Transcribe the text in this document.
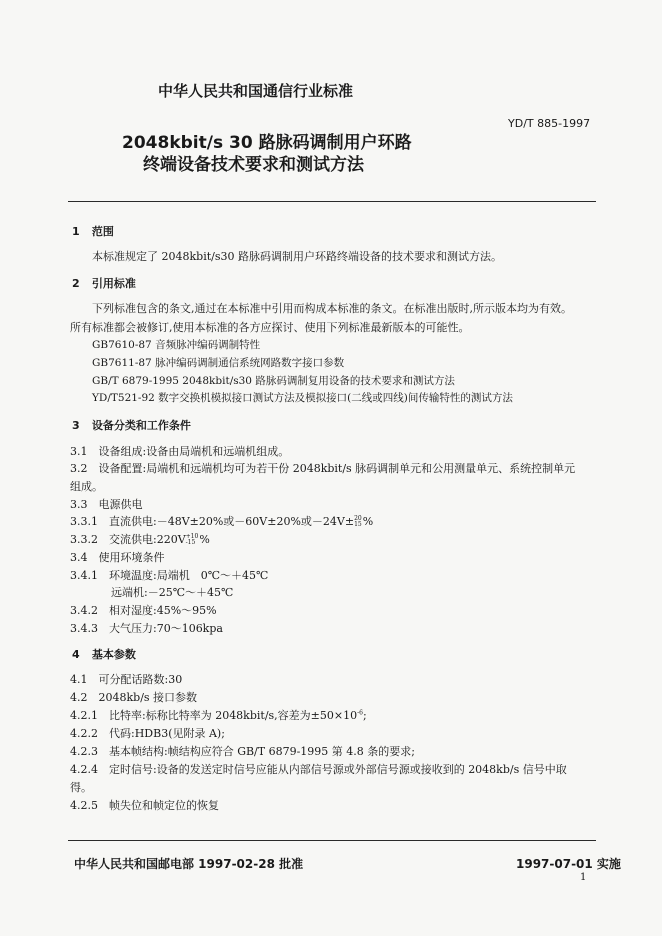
中华人民共和国通信行业标准
YD/T 885-1997
2048kbit/s 30 路脉码调制用户环路
终端设备技术要求和测试方法
1 范围
本标准规定了 2048kbit/s30 路脉码调制用户环路终端设备的技术要求和测试方法。
2 引用标准
下列标准包含的条文,通过在本标准中引用而构成本标准的条文。在标准出版时,所示版本均为有效。
所有标准都会被修订,使用本标准的各方应探讨、使用下列标准最新版本的可能性。
GB7610-87 音频脉冲编码调制特性
GB7611-87 脉冲编码调制通信系统网路数字接口参数
GB/T 6879-1995 2048kbit/s30 路脉码调制复用设备的技术要求和测试方法
YD/T521-92 数字交换机模拟接口测试方法及模拟接口(二线或四线)间传输特性的测试方法
3 设备分类和工作条件
3.1　设备组成:设备由局端机和远端机组成。
3.2　设备配置:局端机和远端机均可为若干份 2048kbit/s 脉码调制单元和公用测量单元、系统控制单元
组成。
3.3　电源供电
3.3.1　直流供电:－48V±20%或－60V±20%或－24V± 20
15 %
3.3.2　交流供电:220V +10
-15 %
3.4　使用环境条件
3.4.1　环境温度:局端机　0℃～＋45℃
远端机:－25℃～＋45℃
3.4.2　相对湿度:45%～95%
3.4.3　大气压力:70～106kpa
4 基本参数
4.1　可分配话路数:30
4.2　2048kb/s 接口参数
4.2.1　比特率:标称比特率为 2048kbit/s,容差为$\pm 50\times 10^{-6}$;
4.2.2　代码:HDB3(见附录 A);
4.2.3　基本帧结构:帧结构应符合 GB/T 6879-1995 第 4.8 条的要求;
4.2.4　定时信号:设备的发送定时信号应能从内部信号源或外部信号源或接收到的 2048kb/s 信号中取
得。
4.2.5　帧失位和帧定位的恢复
中华人民共和国邮电部 1997-02-28 批准	1997-07-01 实施
1
